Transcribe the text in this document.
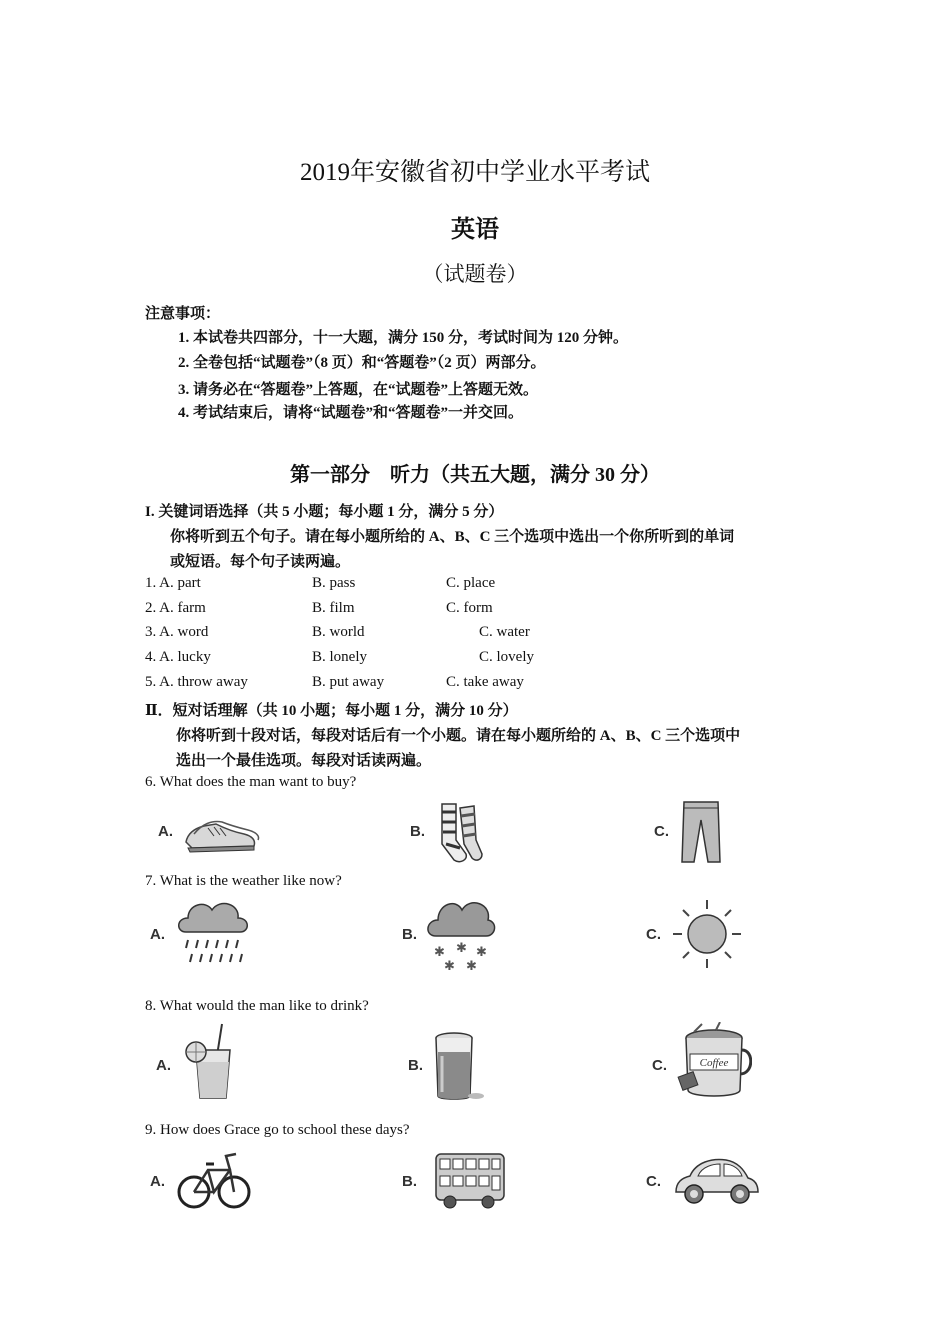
2019年安徽省初中学业水平考试
英语
（试题卷）
注意事项：
1. 本试卷共四部分，十一大题，满分 150 分，考试时间为 120 分钟。
2. 全卷包括“试题卷”（8 页）和“答题卷”（2 页）两部分。
3. 请务必在“答题卷”上答题，在“试题卷”上答题无效。
4. 考试结束后，请将“试题卷”和“答题卷”一并交回。
第一部分　听力（共五大题，满分 30 分）
I. 关键词语选择（共 5 小题；每小题 1 分，满分 5 分）
你将听到五个句子。请在每小题所给的 A、B、C 三个选项中选出一个你所听到的单词
或短语。每个句子读两遍。
1. A. part	B. pass	C. place
2. A. farm	B. film	C. form
3. A. word	B. world	C. water
4. A. lucky	B. lonely	C. lovely
5. A. throw away	B. put away	C. take away
Ⅱ．短对话理解（共 10 小题；每小题 1 分，满分 10 分）
你将听到十段对话，每段对话后有一个小题。请在每小题所给的 A、B、C 三个选项中
选出一个最佳选项。每段对话读两遍。
6. What does the man want to buy?
A.	B.	C.
7. What is the weather like now?
A.	B.
✱ ✱ ✱
✱ ✱
C.
8. What would the man like to drink?
A.	B.	C.	Coffee
9. How does Grace go to school these days?
A.	B.	C.
